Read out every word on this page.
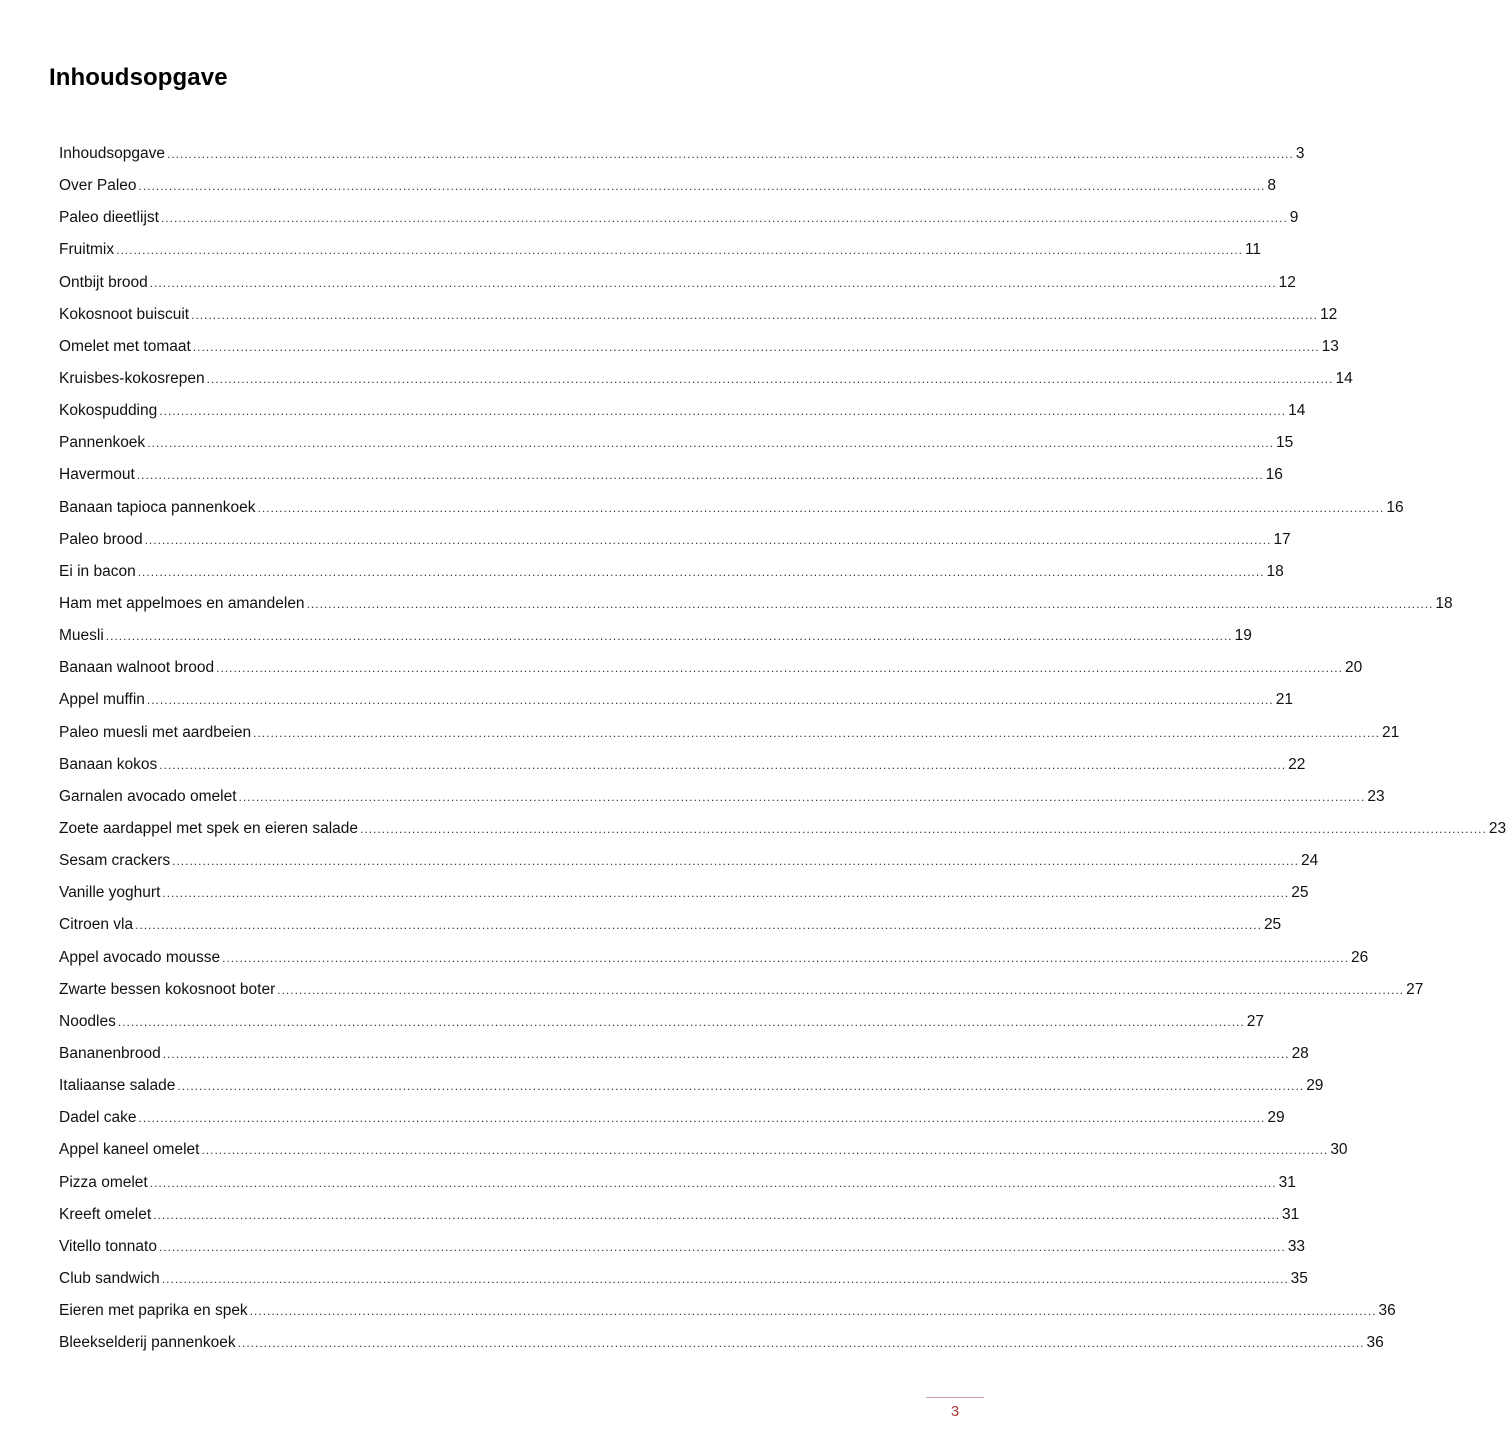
Inhoudsopgave
Inhoudsopgave .................................................................................................................................................................................................................................................................... 3
Over Paleo .................................................................................................................................................................................................................................................................... 8
Paleo dieetlijst .................................................................................................................................................................................................................................................................... 9
Fruitmix .................................................................................................................................................................................................................................................................... 11
Ontbijt brood .................................................................................................................................................................................................................................................................... 12
Kokosnoot buiscuit .................................................................................................................................................................................................................................................................... 12
Omelet met tomaat .................................................................................................................................................................................................................................................................... 13
Kruisbes-kokosrepen .................................................................................................................................................................................................................................................................... 14
Kokospudding .................................................................................................................................................................................................................................................................... 14
Pannenkoek .................................................................................................................................................................................................................................................................... 15
Havermout .................................................................................................................................................................................................................................................................... 16
Banaan tapioca pannenkoek .................................................................................................................................................................................................................................................................... 16
Paleo brood .................................................................................................................................................................................................................................................................... 17
Ei in bacon .................................................................................................................................................................................................................................................................... 18
Ham met appelmoes en amandelen .................................................................................................................................................................................................................................................................... 18
Muesli .................................................................................................................................................................................................................................................................... 19
Banaan walnoot brood .................................................................................................................................................................................................................................................................... 20
Appel muffin .................................................................................................................................................................................................................................................................... 21
Paleo muesli met aardbeien .................................................................................................................................................................................................................................................................... 21
Banaan kokos .................................................................................................................................................................................................................................................................... 22
Garnalen avocado omelet .................................................................................................................................................................................................................................................................... 23
Zoete aardappel met spek en eieren salade .................................................................................................................................................................................................................................................................... 23
Sesam crackers .................................................................................................................................................................................................................................................................... 24
Vanille yoghurt .................................................................................................................................................................................................................................................................... 25
Citroen vla .................................................................................................................................................................................................................................................................... 25
Appel avocado mousse .................................................................................................................................................................................................................................................................... 26
Zwarte bessen kokosnoot boter .................................................................................................................................................................................................................................................................... 27
Noodles .................................................................................................................................................................................................................................................................... 27
Bananenbrood .................................................................................................................................................................................................................................................................... 28
Italiaanse salade .................................................................................................................................................................................................................................................................... 29
Dadel cake .................................................................................................................................................................................................................................................................... 29
Appel kaneel omelet .................................................................................................................................................................................................................................................................... 30
Pizza omelet .................................................................................................................................................................................................................................................................... 31
Kreeft omelet .................................................................................................................................................................................................................................................................... 31
Vitello tonnato .................................................................................................................................................................................................................................................................... 33
Club sandwich .................................................................................................................................................................................................................................................................... 35
Eieren met paprika en spek .................................................................................................................................................................................................................................................................... 36
Bleekselderij pannenkoek .................................................................................................................................................................................................................................................................... 36
3
